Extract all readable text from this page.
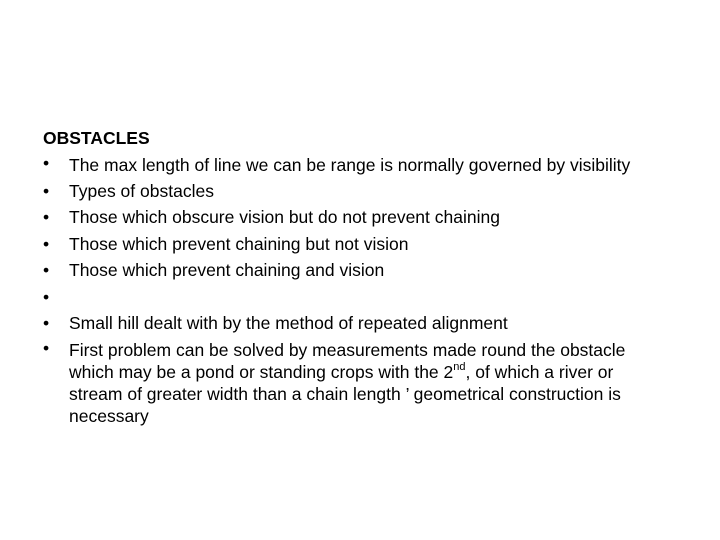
OBSTACLES
• The max length of line we can be range is normally governed by visibility
• Types of obstacles
• Those which obscure vision but do not prevent chaining
• Those which prevent chaining but not vision
• Those which prevent chaining and vision
•

• Small hill dealt with by the method of repeated alignment
• First problem can be solved by measurements made round the obstacle which may be a pond or standing crops with the 2nd, of which a river or stream of greater width than a chain length ’ geometrical construction is necessary
